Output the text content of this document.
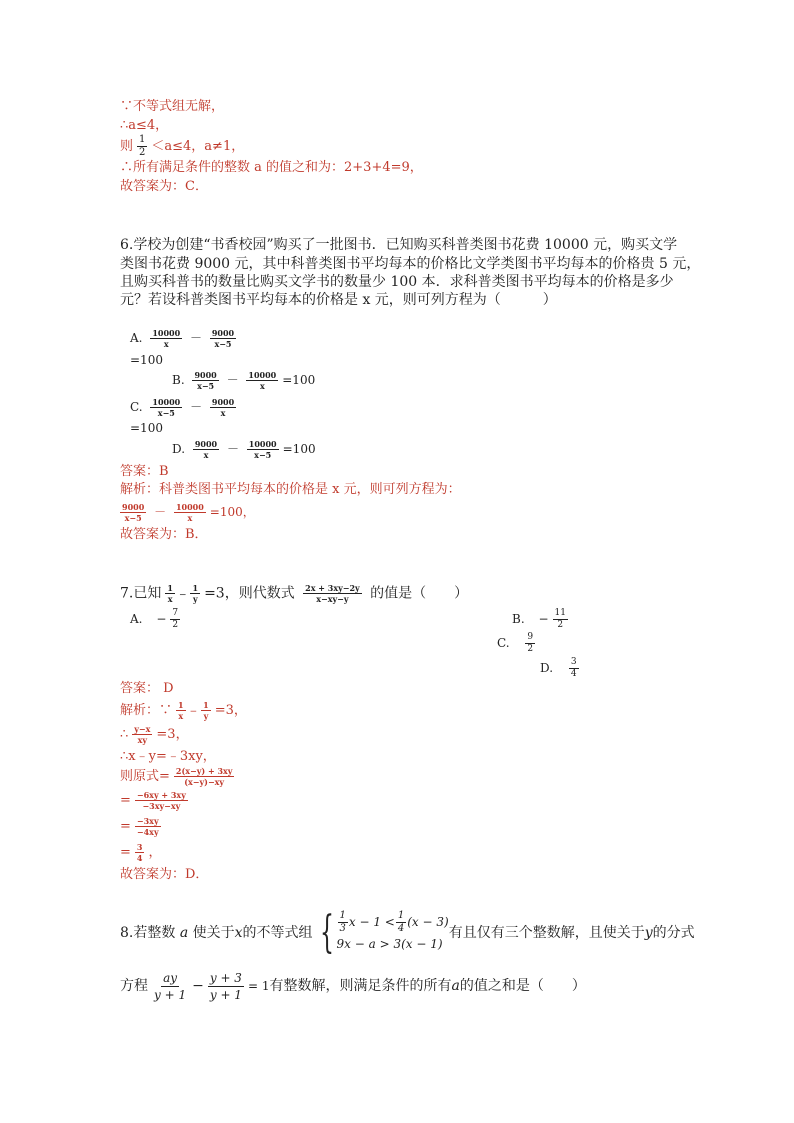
∵不等式组无解，
∴a≤4，
则 $\frac{1}{2} <a\le 4$，a≠1，
∴所有满足条件的整数 a 的值之和为：2+3+4=9，
故答案为：C．
6.学校为创建“书香校园”购买了一批图书．已知购买科普类图书花费 10000 元，购买文学
类图书花费 9000 元，其中科普类图书平均每本的价格比文学类图书平均每本的价格贵 5 元，
且购买科普书的数量比购买文学书的数量少 100 本．求科普类图书平均每本的价格是多少
元？若设科普类图书平均每本的价格是 x 元，则可列方程为（　　　）
A. $\frac{10000}{x} - \frac{9000}{x-5}$
=100
B. $\frac{9000}{x-5} - \frac{10000}{x} =100$
C. $\frac{10000}{x-5} - \frac{9000}{x}$
=100
D. $\frac{9000}{x} - \frac{10000}{x-5} =100$
答案：B
解析：科普类图书平均每本的价格是 x 元，则可列方程为：
$\frac{9000}{x-5} - \frac{10000}{x} =100$，
故答案为：B．
7.已知 $\frac{1}{x} - \frac{1}{y} =3$，则代数式 $\frac{2x + 3xy-2y}{x-xy-y}$ 的值是（　　）
A. − $\frac{7}{2}$	B. − $\frac{11}{2}$
C. $\frac{9}{2}$
D. $\frac{3}{4}$
答案： D
解析：∵ $\frac{1}{x} - \frac{1}{y} =3$，
∴ $\frac{y-x}{xy} =3$，
∴x﹣y=﹣3xy，
则原式= $\frac{2(x-y) + 3xy}{(x-y)-xy}$
= $\frac{-6xy + 3xy}{-3xy-xy}$
= $\frac{-3xy}{-4xy}$
= $\frac{3}{4}$ ，
故答案为：D．
8.若整数 a 使关于x的不等式组 { $\frac{1}{3}$ $x - 1 < \frac{1}{4} (x - 3)$
9x − a > 3(x − 1)
有且仅有三个整数解，且使关于y的分式
方程 $\frac{ay}{y + 1} - \frac{y + 3}{y + 1} = 1$有整数解，则满足条件的所有a的值之和是（　　）
